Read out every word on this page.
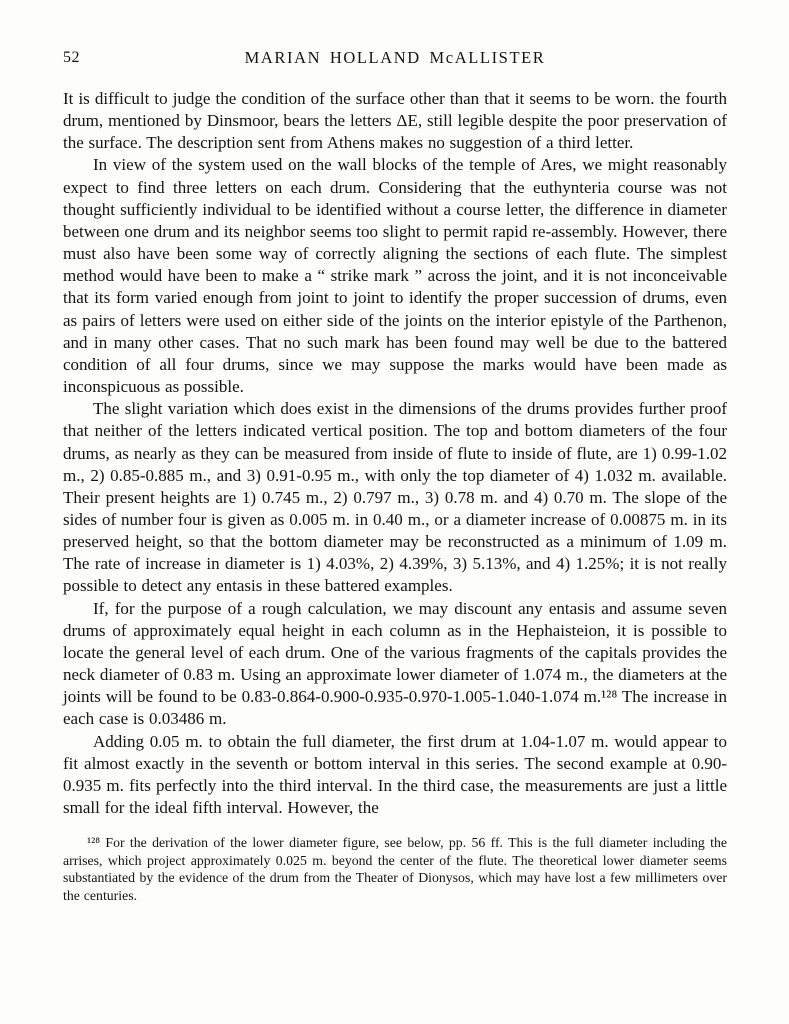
52	MARIAN HOLLAND McALLISTER

It is difficult to judge the condition of the surface other than that it seems to be worn. the fourth drum, mentioned by Dinsmoor, bears the letters ΔΕ, still legible despite the poor preservation of the surface. The description sent from Athens makes no suggestion of a third letter.

In view of the system used on the wall blocks of the temple of Ares, we might reasonably expect to find three letters on each drum. Considering that the euthynteria course was not thought sufficiently individual to be identified without a course letter, the difference in diameter between one drum and its neighbor seems too slight to permit rapid re-assembly. However, there must also have been some way of correctly aligning the sections of each flute. The simplest method would have been to make a “ strike mark ” across the joint, and it is not inconceivable that its form varied enough from joint to joint to identify the proper succession of drums, even as pairs of letters were used on either side of the joints on the interior epistyle of the Parthenon, and in many other cases. That no such mark has been found may well be due to the battered condition of all four drums, since we may suppose the marks would have been made as inconspicuous as possible.

The slight variation which does exist in the dimensions of the drums provides further proof that neither of the letters indicated vertical position. The top and bottom diameters of the four drums, as nearly as they can be measured from inside of flute to inside of flute, are 1) 0.99-1.02 m., 2) 0.85-0.885 m., and 3) 0.91-0.95 m., with only the top diameter of 4) 1.032 m. available. Their present heights are 1) 0.745 m., 2) 0.797 m., 3) 0.78 m. and 4) 0.70 m. The slope of the sides of number four is given as 0.005 m. in 0.40 m., or a diameter increase of 0.00875 m. in its preserved height, so that the bottom diameter may be reconstructed as a minimum of 1.09 m. The rate of increase in diameter is 1) 4.03%, 2) 4.39%, 3) 5.13%, and 4) 1.25%; it is not really possible to detect any entasis in these battered examples.

If, for the purpose of a rough calculation, we may discount any entasis and assume seven drums of approximately equal height in each column as in the Hephaisteion, it is possible to locate the general level of each drum. One of the various fragments of the capitals provides the neck diameter of 0.83 m. Using an approximate lower diameter of 1.074 m., the diameters at the joints will be found to be 0.83-0.864-0.900-0.935-0.970-1.005-1.040-1.074 m.¹²⁸ The increase in each case is 0.03486 m.

Adding 0.05 m. to obtain the full diameter, the first drum at 1.04-1.07 m. would appear to fit almost exactly in the seventh or bottom interval in this series. The second example at 0.90-0.935 m. fits perfectly into the third interval. In the third case, the measurements are just a little small for the ideal fifth interval. However, the

¹²⁸ For the derivation of the lower diameter figure, see below, pp. 56 ff. This is the full diameter including the arrises, which project approximately 0.025 m. beyond the center of the flute. The theoretical lower diameter seems substantiated by the evidence of the drum from the Theater of Dionysos, which may have lost a few millimeters over the centuries.
